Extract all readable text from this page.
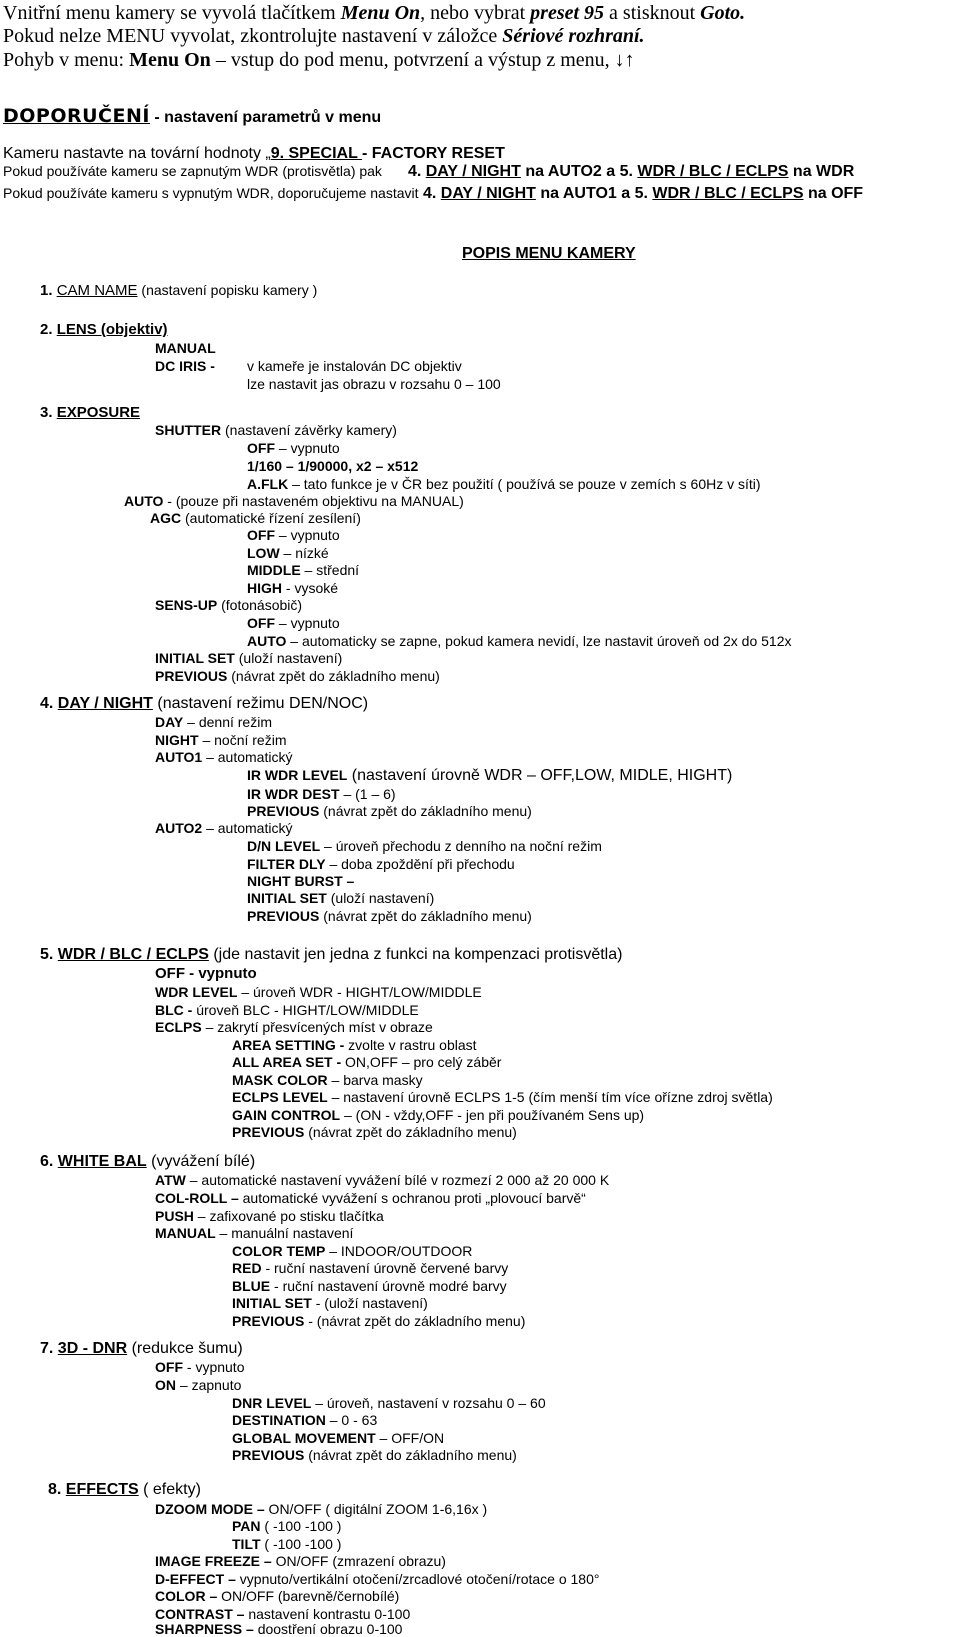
Vnitřní menu kamery se vyvolá tlačítkem Menu On, nebo vybrat preset 95 a stisknout Goto.
Pokud nelze MENU vyvolat, zkontrolujte nastavení v záložce Sériové rozhraní.
Pohyb v menu: Menu On – vstup do pod menu, potvrzení a výstup z menu, ↓↑
DOPORUČENÍ - nastavení parametrů v menu
Kameru nastavte na tovární hodnoty „9. SPECIAL - FACTORY RESET
Pokud používáte kameru se zapnutým WDR (protisvětla) pak 4. DAY / NIGHT na AUTO2 a 5. WDR / BLC / ECLPS na WDR
Pokud používáte kameru s vypnutým WDR, doporučujeme nastavit 4. DAY / NIGHT na AUTO1 a 5. WDR / BLC / ECLPS na OFF
POPIS MENU KAMERY
1. CAM NAME (nastavení popisku kamery )
2. LENS (objektiv)
MANUAL
DC IRIS - v kameře je instalován DC objektiv
lze nastavit jas obrazu v rozsahu 0 – 100
3. EXPOSURE
SHUTTER (nastavení závěrky kamery)
OFF – vypnuto
1/160 – 1/90000, x2 – x512
A.FLK – tato funkce je v ČR bez použití ( používá se pouze v zemích s 60Hz v síti)
AUTO - (pouze při nastaveném objektivu na MANUAL)
AGC (automatické řízení zesílení)
OFF – vypnuto
LOW – nízké
MIDDLE – střední
HIGH - vysoké
SENS-UP (fotonásobič)
OFF – vypnuto
AUTO – automaticky se zapne, pokud kamera nevidí, lze nastavit úroveň od 2x do 512x
INITIAL SET (uloží nastavení)
PREVIOUS (návrat zpět do základního menu)
4. DAY / NIGHT (nastavení režimu DEN/NOC)
DAY – denní režim
NIGHT – noční režim
AUTO1 – automatický
IR WDR LEVEL (nastavení úrovně WDR – OFF,LOW, MIDLE, HIGHT)
IR WDR DEST – (1 – 6)
PREVIOUS (návrat zpět do základního menu)
AUTO2 – automatický
D/N LEVEL – úroveň přechodu z denního na noční režim
FILTER DLY – doba zpoždění při přechodu
NIGHT BURST –
INITIAL SET (uloží nastavení)
PREVIOUS (návrat zpět do základního menu)
5. WDR / BLC / ECLPS (jde nastavit jen jedna z funkci na kompenzaci protisvětla)
OFF - vypnuto
WDR LEVEL – úroveň WDR - HIGHT/LOW/MIDDLE
BLC - úroveň BLC - HIGHT/LOW/MIDDLE
ECLPS – zakrytí přesvícených míst v obraze
AREA SETTING - zvolte v rastru oblast
ALL AREA SET - ON,OFF – pro celý záběr
MASK COLOR – barva masky
ECLPS LEVEL – nastavení úrovně ECLPS 1-5 (čím menší tím více ořízne zdroj světla)
GAIN CONTROL – (ON - vždy,OFF - jen při používaném Sens up)
PREVIOUS (návrat zpět do základního menu)
6. WHITE BAL (vyvážení bílé)
ATW – automatické nastavení vyvážení bílé v rozmezí 2 000 až 20 000 K
COL-ROLL – automatické vyvážení s ochranou proti „plovoucí barvě“
PUSH – zafixované po stisku tlačítka
MANUAL – manuální nastavení
COLOR TEMP – INDOOR/OUTDOOR
RED - ruční nastavení úrovně červené barvy
BLUE - ruční nastavení úrovně modré barvy
INITIAL SET - (uloží nastavení)
PREVIOUS - (návrat zpět do základního menu)
7. 3D - DNR (redukce šumu)
OFF - vypnuto
ON – zapnuto
DNR LEVEL – úroveň, nastavení v rozsahu 0 – 60
DESTINATION – 0 - 63
GLOBAL MOVEMENT – OFF/ON
PREVIOUS (návrat zpět do základního menu)
8. EFFECTS ( efekty)
DZOOM MODE – ON/OFF ( digitální ZOOM 1-6,16x )
PAN ( -100 -100 )
TILT ( -100 -100 )
IMAGE FREEZE – ON/OFF (zmrazení obrazu)
D-EFFECT – vypnuto/vertikální otočení/zrcadlové otočení/rotace o 180°
COLOR – ON/OFF (barevně/černobílé)
CONTRAST – nastavení kontrastu 0-100
SHARPNESS – doostření obrazu 0-100
